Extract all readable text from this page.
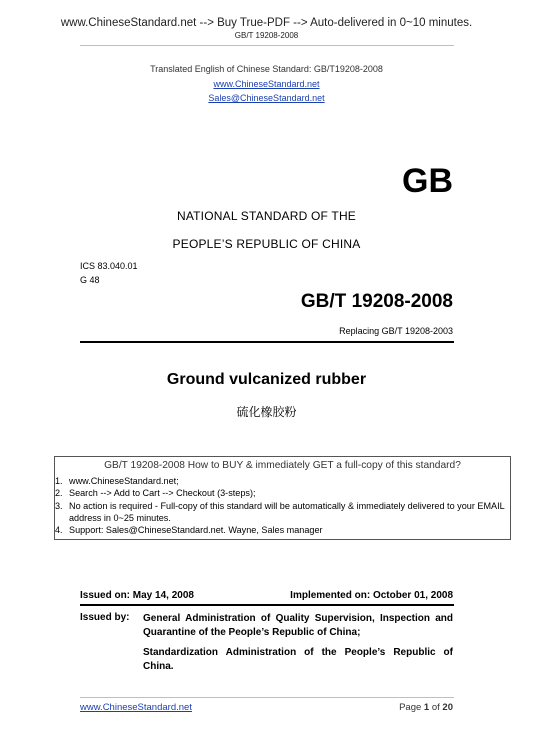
www.ChineseStandard.net --> Buy True-PDF --> Auto-delivered in 0~10 minutes.
GB/T 19208-2008
Translated English of Chinese Standard: GB/T19208-2008
www.ChineseStandard.net
Sales@ChineseStandard.net
GB
NATIONAL STANDARD OF THE
PEOPLE’S REPUBLIC OF CHINA
ICS 83.040.01
G 48
GB/T 19208-2008
Replacing GB/T 19208-2003
Ground vulcanized rubber
硫化橡胶粉
GB/T 19208-2008 How to BUY & immediately GET a full-copy of this standard?
1. www.ChineseStandard.net;
2. Search --> Add to Cart --> Checkout (3-steps);
3. No action is required - Full-copy of this standard will be automatically & immediately delivered to your EMAIL address in 0~25 minutes.
4. Support: Sales@ChineseStandard.net. Wayne, Sales manager
Issued on: May 14, 2008	Implemented on: October 01, 2008
Issued by: General Administration of Quality Supervision, Inspection and Quarantine of the People’s Republic of China;
Standardization Administration of the People’s Republic of China.
www.ChineseStandard.net	Page 1 of 20
